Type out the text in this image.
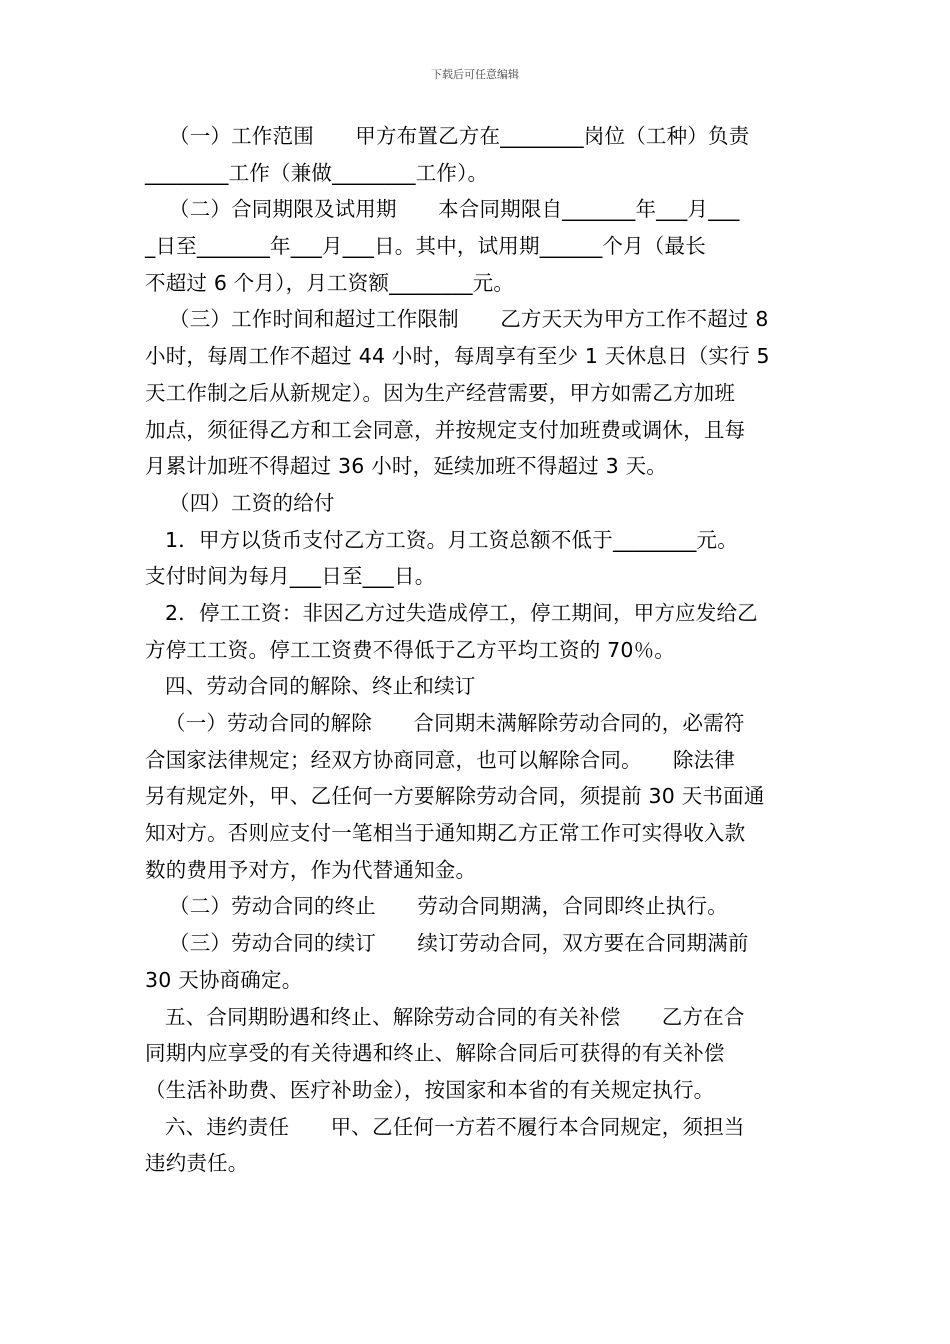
下载后可任意编辑
（一）工作范围　　甲方布置乙方在________岗位（工种）负责
________工作（兼做________工作）。
（二）合同期限及试用期　　本合同期限自_______年___月___
_日至_______年___月___日。其中，试用期______个月（最长
不超过 6 个月），月工资额________元。
（三）工作时间和超过工作限制　　乙方天天为甲方工作不超过 8
小时，每周工作不超过 44 小时，每周享有至少 1 天休息日（实行 5
天工作制之后从新规定）。因为生产经营需要，甲方如需乙方加班
加点，须征得乙方和工会同意，并按规定支付加班费或调休，且每
月累计加班不得超过 36 小时，延续加班不得超过 3 天。
（四）工资的给付
1．甲方以货币支付乙方工资。月工资总额不低于________元。
支付时间为每月___日至___日。
2．停工工资：非因乙方过失造成停工，停工期间，甲方应发给乙
方停工工资。停工工资费不得低于乙方平均工资的 70％。
四、劳动合同的解除、终止和续订
（一）劳动合同的解除　　合同期未满解除劳动合同的，必需符
合国家法律规定；经双方协商同意，也可以解除合同。　　除法律
另有规定外，甲、乙任何一方要解除劳动合同，须提前 30 天书面通
知对方。否则应支付一笔相当于通知期乙方正常工作可实得收入款
数的费用予对方，作为代替通知金。
（二）劳动合同的终止　　劳动合同期满，合同即终止执行。
（三）劳动合同的续订　　续订劳动合同，双方要在合同期满前
30 天协商确定。
五、合同期盼遇和终止、解除劳动合同的有关补偿　　乙方在合
同期内应享受的有关待遇和终止、解除合同后可获得的有关补偿
（生活补助费、医疗补助金），按国家和本省的有关规定执行。
六、违约责任　　甲、乙任何一方若不履行本合同规定，须担当
违约责任。
